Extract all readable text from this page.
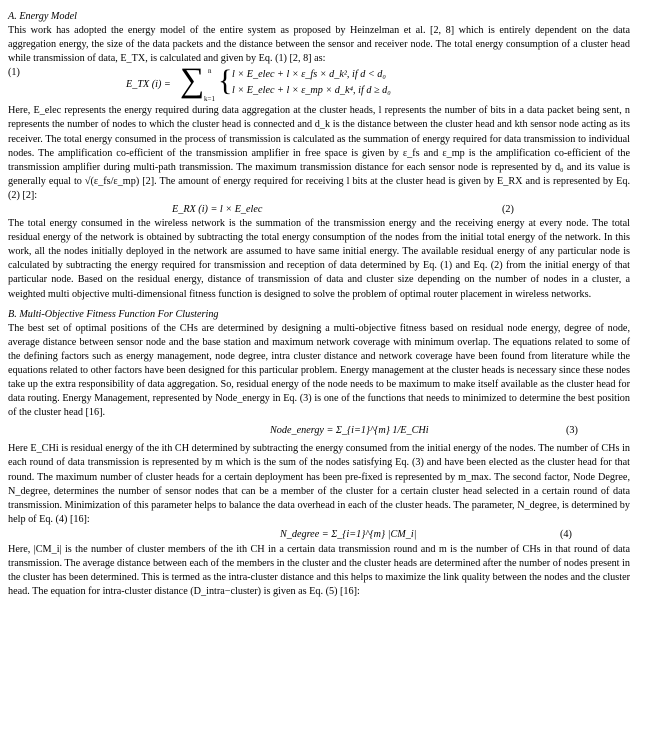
A. Energy Model

This work has adopted the energy model of the entire system as proposed by Heinzelman et al. [2, 8] which is entirely dependent on the data aggregation energy, the size of the data packets and the distance between the sensor and receiver node. The total energy consumption of a cluster head while transmission of data, E_TX, is calculated and given by Eq. (1) [2, 8] as:

E_TX (i) = ∑ n
k=1
{ l × E_elec + l × ε_fs × d_k², if d < d₀
l × E_elec + l × ε_mp × d_k⁴, if d ≥ d₀
(1)

Here, E_elec represents the energy required during data aggregation at the cluster heads, l represents the number of bits in a data packet being sent, n represents the number of nodes to which the cluster head is connected and d_k is the distance between the cluster head and kth sensor node acting as its receiver. The total energy consumed in the process of transmission is calculated as the summation of energy required for data transmission to individual nodes. The amplification co-efficient of the transmission amplifier in free space is given by ε_fs and ε_mp is the amplification co-efficient of the transmission amplifier during multi-path transmission. The maximum transmission distance for each sensor node is represented by d₀ and its value is generally equal to √(ε_fs/ε_mp) [2]. The amount of energy required for receiving l bits at the cluster head is given by E_RX and is represented by Eq. (2) [2]:

E_RX (i) = l × E_elec	(2)

The total energy consumed in the wireless network is the summation of the transmission energy and the receiving energy at every node. The total residual energy of the network is obtained by subtracting the total energy consumption of the nodes from the initial total energy of the network. In this work, all the nodes initially deployed in the network are assumed to have same initial energy. The available residual energy of any particular node is calculated by subtracting the energy required for transmission and reception of data determined by Eq. (1) and Eq. (2) from the initial energy of that particular node. Based on the residual energy, distance of transmission of data and cluster size depending on the number of nodes in a cluster, a weighted multi objective multi-dimensional fitness function is designed to solve the problem of optimal router placement in wireless networks.

B. Multi-Objective Fitness Function For Clustering

The best set of optimal positions of the CHs are determined by designing a multi-objective fitness based on residual node energy, degree of node, average distance between sensor node and the base station and maximum network coverage with minimum overlap. The equations related to some of the defining factors such as energy management, node degree, intra cluster distance and network coverage have been found from literature while the equations related to other factors have been designed for this particular problem. Energy management at the cluster heads is necessary since these nodes take up the extra responsibility of data aggregation. So, residual energy of the node needs to be maximum to make itself available as the cluster head for data routing. Energy Management, represented by Node_energy in Eq. (3) is one of the functions that needs to minimized to determine the best position of the cluster head [16].

Node_energy = Σ_{i=1}^{m} 1/E_CHi	(3)

Here E_CHi is residual energy of the ith CH determined by subtracting the energy consumed from the initial energy of the nodes. The number of CHs in each round of data transmission is represented by m which is the sum of the nodes satisfying Eq. (3) and have been elected as the cluster head for that round. The maximum number of cluster heads for a certain deployment has been pre-fixed is represented by m_max. The second factor, Node Degree, N_degree, determines the number of sensor nodes that can be a member of the cluster for a certain cluster head selected in a certain round of data transmission. Minimization of this parameter helps to balance the data overhead in each of the cluster heads. The parameter, N_degree, is determined by help of Eq. (4) [16]:

N_degree = Σ_{i=1}^{m} |CM_i|	(4)

Here, |CM_i| is the number of cluster members of the ith CH in a certain data transmission round and m is the number of CHs in that round of data transmission. The average distance between each of the members in the cluster and the cluster heads are determined after the number of nodes present in the cluster has been determined. This is termed as the intra-cluster distance and this helps to maximize the link quality between the nodes and the cluster head. The equation for intra-cluster distance (D_intra−cluster) is given as Eq. (5) [16]:
